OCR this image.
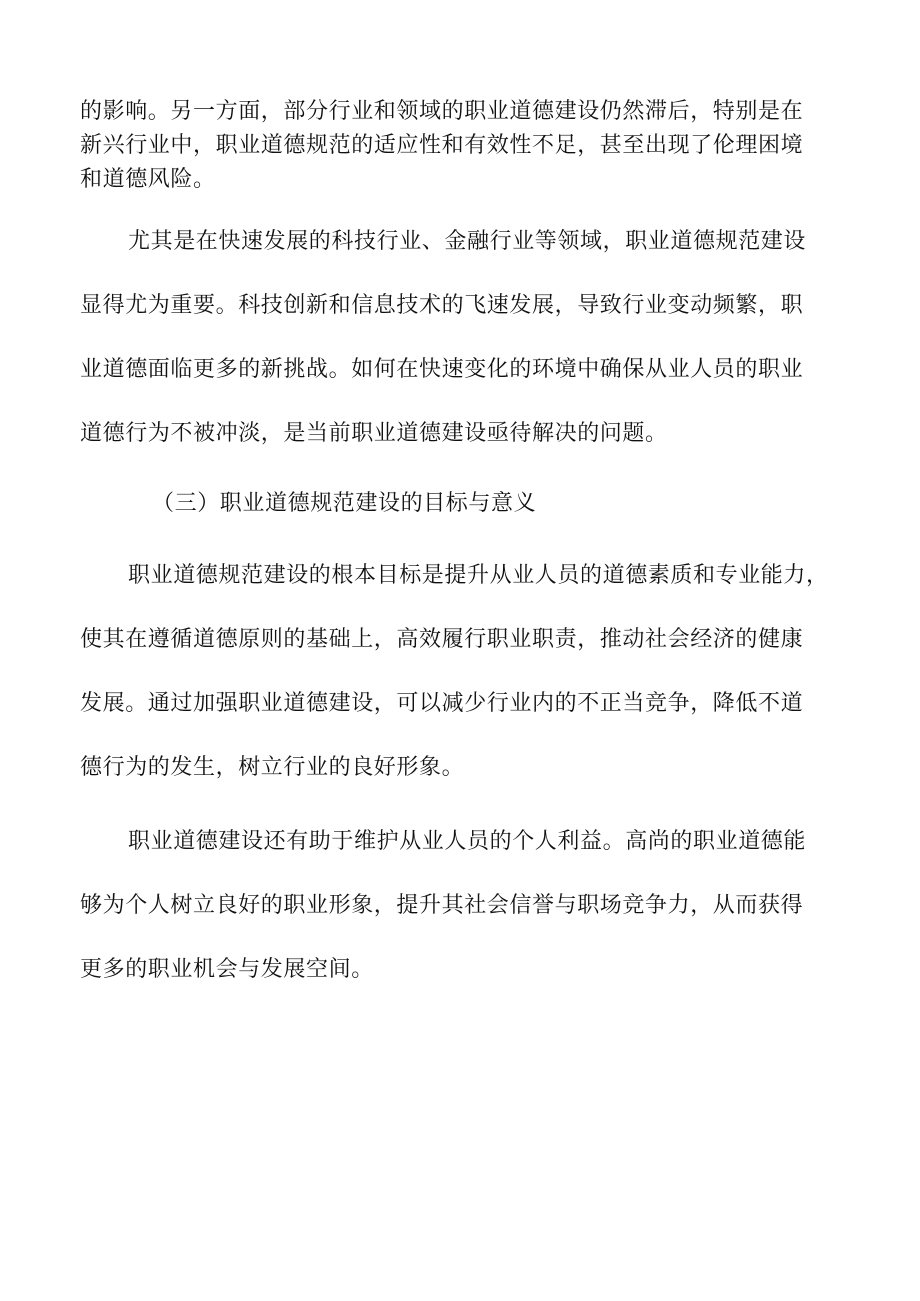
的影响。另一方面，部分行业和领域的职业道德建设仍然滞后，特别是在
新兴行业中，职业道德规范的适应性和有效性不足，甚至出现了伦理困境
和道德风险。
尤其是在快速发展的科技行业、金融行业等领域，职业道德规范建设
显得尤为重要。科技创新和信息技术的飞速发展，导致行业变动频繁，职
业道德面临更多的新挑战。如何在快速变化的环境中确保从业人员的职业
道德行为不被冲淡，是当前职业道德建设亟待解决的问题。
（三）职业道德规范建设的目标与意义
职业道德规范建设的根本目标是提升从业人员的道德素质和专业能力，
使其在遵循道德原则的基础上，高效履行职业职责，推动社会经济的健康
发展。通过加强职业道德建设，可以减少行业内的不正当竞争，降低不道
德行为的发生，树立行业的良好形象。
职业道德建设还有助于维护从业人员的个人利益。高尚的职业道德能
够为个人树立良好的职业形象，提升其社会信誉与职场竞争力，从而获得
更多的职业机会与发展空间。
